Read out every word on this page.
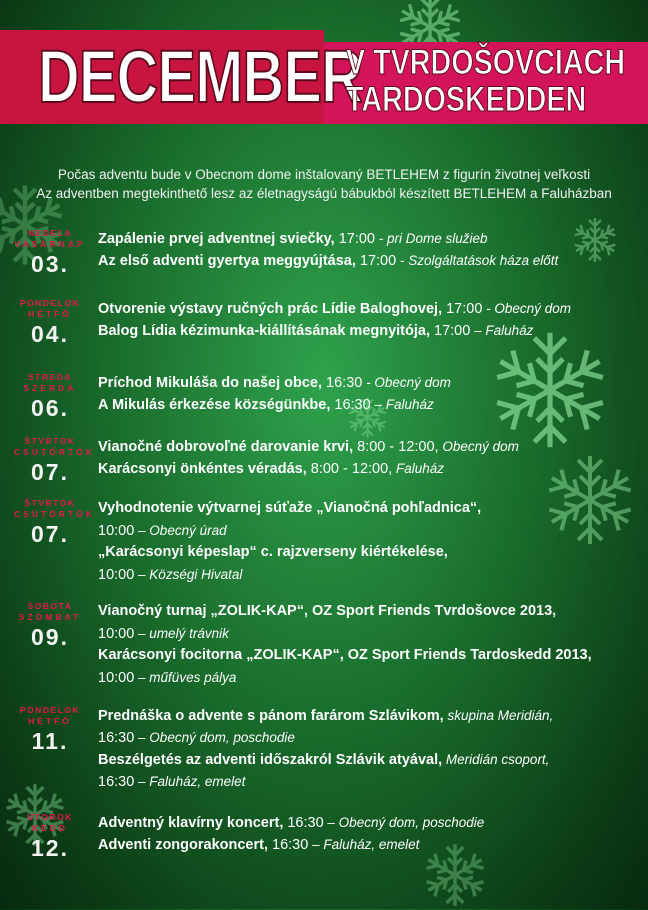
DECEMBER
V TVRDOŠOVCIACH
TARDOSKEDDEN
Počas adventu bude v Obecnom dome inštalovaný BETLEHEM z figurín životnej veľkosti
Az adventben megtekinthető lesz az életnagyságú bábukból készített BETLEHEM a Faluházban
NEDEĽA
VASÁRNAP
03.
Zapálenie prvej adventnej sviečky, 17:00 - pri Dome služieb
Az első adventi gyertya meggyújtása, 17:00 - Szolgáltatások háza előtt
PONDELOK
HÉTFŐ
04.
Otvorenie výstavy ručných prác Lídie Baloghovej, 17:00 - Obecný dom
Balog Lídia kézimunka-kiállításának megnyitója, 17:00 – Faluház
STREDA
SZERDA
06.
Príchod Mikuláša do našej obce, 16:30 - Obecný dom
A Mikulás érkezése községünkbe, 16:30 – Faluház
ŠTVRTOK
CSÜTÖRTÖK
07.
Vianočné dobrovoľné darovanie krvi, 8:00 - 12:00, Obecný dom
Karácsonyi önkéntes véradás, 8:00 - 12:00, Faluház
ŠTVRTOK
CSÜTÖRTÖK
07.
Vyhodnotenie výtvarnej súťaže „Vianočná pohľadnica“,
10:00 – Obecný úrad
„Karácsonyi képeslap“ c. rajzverseny kiértékelése,
10:00 – Községi Hivatal
SOBOTA
SZOMBAT
09.
Vianočný turnaj „ZOLIK-KAP“, OZ Sport Friends Tvrdošovce 2013,
10:00 – umelý trávnik
Karácsonyi focitorna „ZOLIK-KAP“, OZ Sport Friends Tardoskedd 2013,
10:00 – műfüves pálya
PONDELOK
HÉTFŐ
11.
Prednáška o advente s pánom farárom Szlávikom, skupina Meridián,
16:30 – Obecný dom, poschodie
Beszélgetés az adventi időszakról Szlávik atyával, Meridián csoport,
16:30 – Faluház, emelet
UTOROK
KEDD
12.
Adventný klavírny koncert, 16:30 – Obecný dom, poschodie
Adventi zongorakoncert, 16:30 – Faluház, emelet
